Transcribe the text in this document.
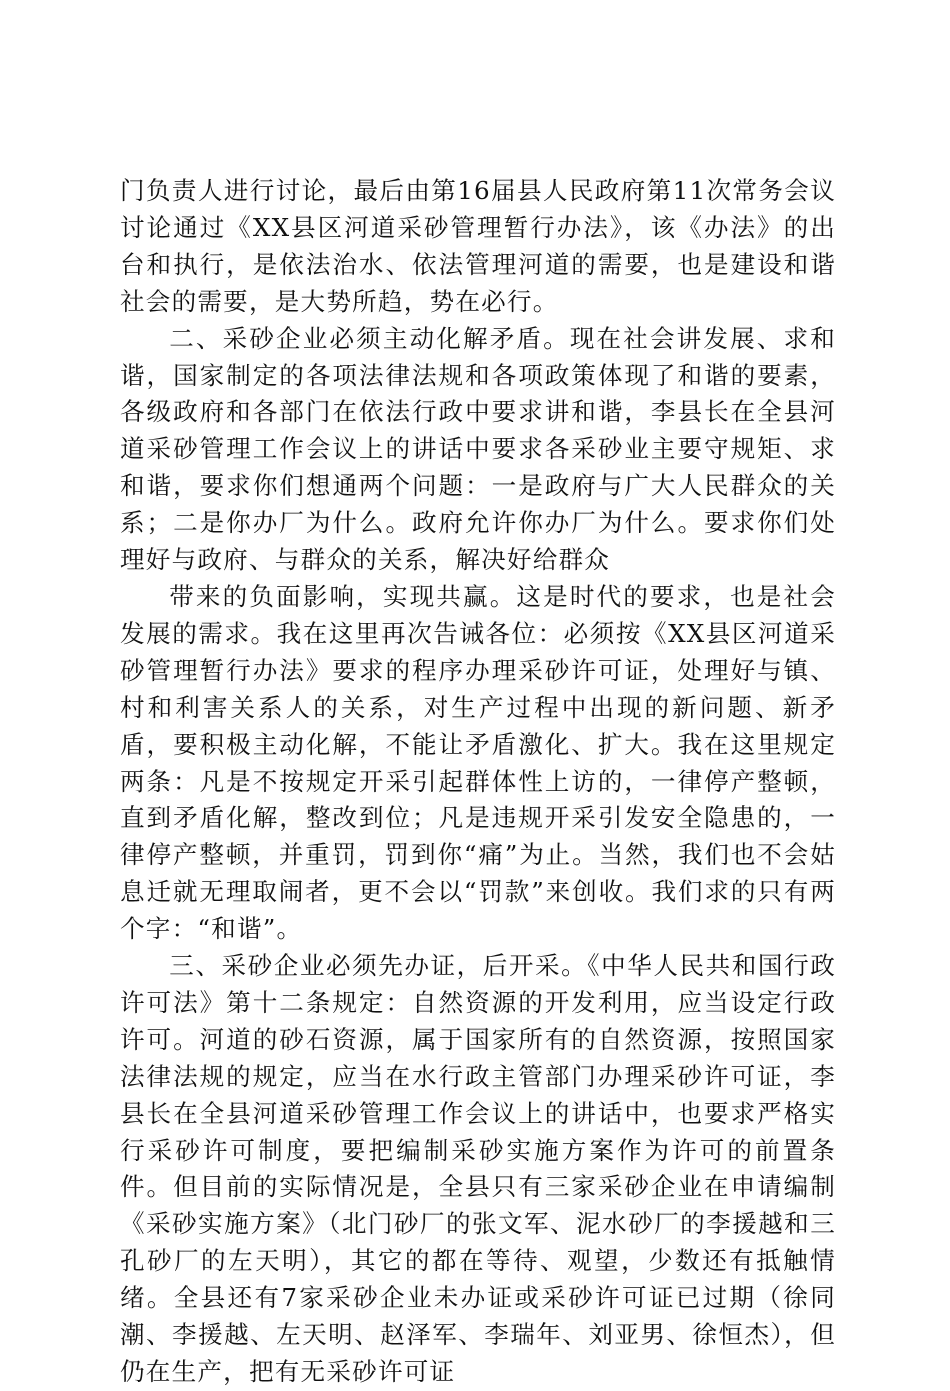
门负责人进行讨论，最后由第16届县人民政府第11次常务会议讨论通过《XX县区河道采砂管理暂行办法》，该《办法》的出台和执行，是依法治水、依法管理河道的需要，也是建设和谐社会的需要，是大势所趋，势在必行。

二、采砂企业必须主动化解矛盾。现在社会讲发展、求和谐，国家制定的各项法律法规和各项政策体现了和谐的要素，各级政府和各部门在依法行政中要求讲和谐，李县长在全县河道采砂管理工作会议上的讲话中要求各采砂业主要守规矩、求和谐，要求你们想通两个问题：一是政府与广大人民群众的关系；二是你办厂为什么。政府允许你办厂为什么。要求你们处理好与政府、与群众的关系，解决好给群众

带来的负面影响，实现共赢。这是时代的要求，也是社会发展的需求。我在这里再次告诫各位：必须按《XX县区河道采砂管理暂行办法》要求的程序办理采砂许可证，处理好与镇、村和利害关系人的关系，对生产过程中出现的新问题、新矛盾，要积极主动化解，不能让矛盾激化、扩大。我在这里规定两条：凡是不按规定开采引起群体性上访的，一律停产整顿，直到矛盾化解，整改到位；凡是违规开采引发安全隐患的，一律停产整顿，并重罚，罚到你“痛”为止。当然，我们也不会姑息迁就无理取闹者，更不会以“罚款”来创收。我们求的只有两个字：“和谐”。

三、采砂企业必须先办证，后开采。《中华人民共和国行政许可法》第十二条规定：自然资源的开发利用，应当设定行政许可。河道的砂石资源，属于国家所有的自然资源，按照国家法律法规的规定，应当在水行政主管部门办理采砂许可证，李县长在全县河道采砂管理工作会议上的讲话中，也要求严格实行采砂许可制度，要把编制采砂实施方案作为许可的前置条件。但目前的实际情况是，全县只有三家采砂企业在申请编制《采砂实施方案》（北门砂厂的张文军、泥水砂厂的李援越和三孔砂厂的左天明），其它的都在等待、观望，少数还有抵触情绪。全县还有7家采砂企业未办证或采砂许可证已过期（徐同潮、李援越、左天明、赵泽军、李瑞年、刘亚男、徐恒杰），但仍在生产，把有无采砂许可证
